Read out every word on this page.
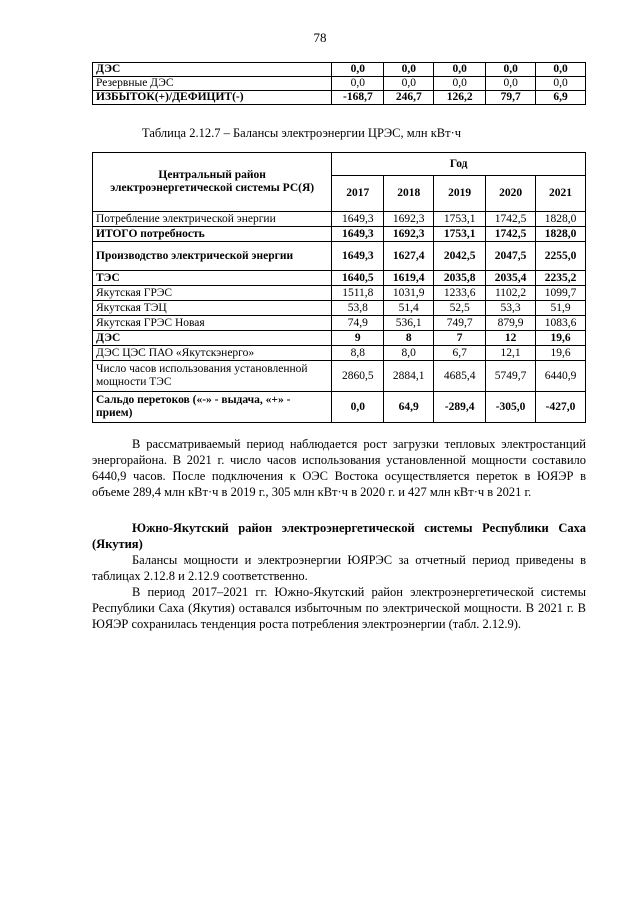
78
ДЭС	0,0	0,0	0,0	0,0	0,0
Резервные ДЭС	0,0	0,0	0,0	0,0	0,0
ИЗБЫТОК(+)/ДЕФИЦИТ(-)	-168,7	246,7	126,2	79,7	6,9
Таблица 2.12.7 – Балансы электроэнергии ЦРЭС, млн кВт·ч
Центральный район электроэнергетической системы РС(Я)	Год				
	2017	2018	2019	2020	2021
Потребление электрической энергии	1649,3	1692,3	1753,1	1742,5	1828,0
ИТОГО потребность	1649,3	1692,3	1753,1	1742,5	1828,0
Производство электрической энергии	1649,3	1627,4	2042,5	2047,5	2255,0
ТЭС	1640,5	1619,4	2035,8	2035,4	2235,2
Якутская ГРЭС	1511,8	1031,9	1233,6	1102,2	1099,7
Якутская ТЭЦ	53,8	51,4	52,5	53,3	51,9
Якутская ГРЭС Новая	74,9	536,1	749,7	879,9	1083,6
ДЭС	9	8	7	12	19,6
ДЭС ЦЭС ПАО «Якутскэнерго»	8,8	8,0	6,7	12,1	19,6
Число часов использования установленной мощности ТЭС	2860,5	2884,1	4685,4	5749,7	6440,9
Сальдо перетоков («-» - выдача, «+» - прием)	0,0	64,9	-289,4	-305,0	-427,0
В рассматриваемый период наблюдается рост загрузки тепловых электростанций энергорайона. В 2021 г. число часов использования установленной мощности составило 6440,9 часов. После подключения к ОЭС Востока осуществляется переток в ЮЯЭР в объеме 289,4 млн кВт·ч в 2019 г., 305 млн кВт·ч в 2020 г. и 427 млн кВт·ч в 2021 г.
Южно-Якутский район электроэнергетической системы Республики Саха (Якутия)
Балансы мощности и электроэнергии ЮЯРЭС за отчетный период приведены в таблицах 2.12.8 и 2.12.9 соответственно.
В период 2017–2021 гг. Южно-Якутский район электроэнергетической системы Республики Саха (Якутия) оставался избыточным по электрической мощности. В 2021 г. В ЮЯЭР сохранилась тенденция роста потребления электроэнергии (табл. 2.12.9).
